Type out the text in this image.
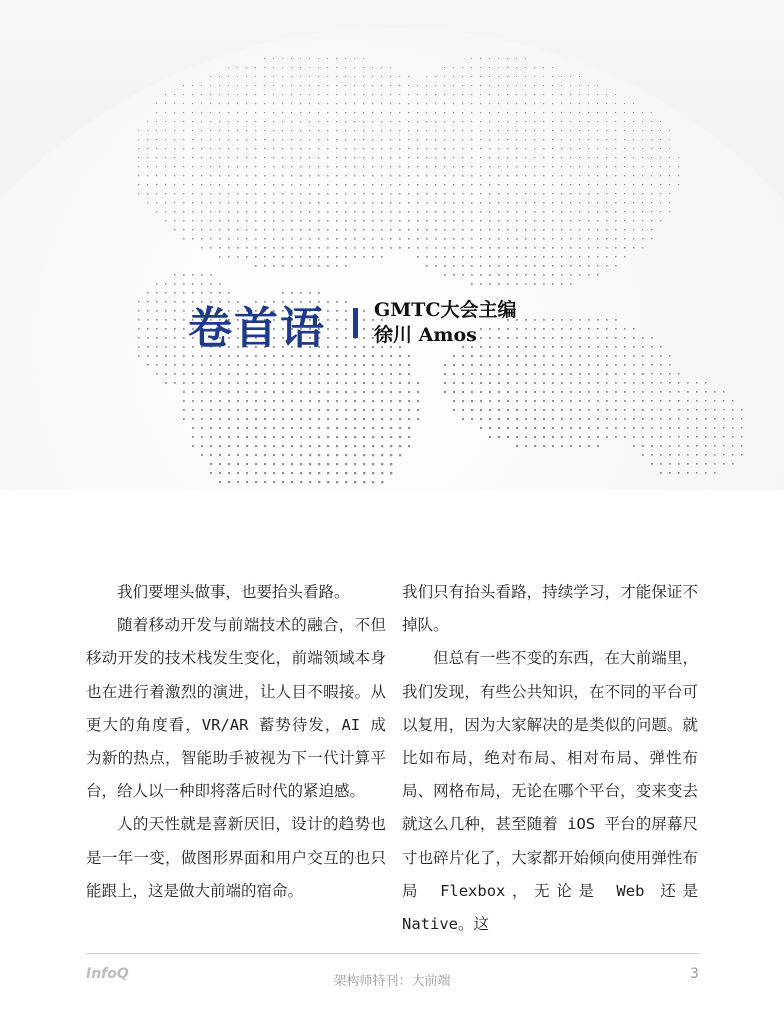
卷首语	GMTC大会主编
徐川 Amos

我们要埋头做事，也要抬头看路。

随着移动开发与前端技术的融合，不但移动开发的技术栈发生变化，前端领域本身也在进行着激烈的演进，让人目不暇接。从更大的角度看，VR/AR 蓄势待发，AI 成为新的热点，智能助手被视为下一代计算平台，给人以一种即将落后时代的紧迫感。

人的天性就是喜新厌旧，设计的趋势也是一年一变，做图形界面和用户交互的也只能跟上，这是做大前端的宿命。

我们只有抬头看路，持续学习，才能保证不掉队。

但总有一些不变的东西，在大前端里，我们发现，有些公共知识，在不同的平台可以复用，因为大家解决的是类似的问题。就比如布局，绝对布局、相对布局、弹性布局、网格布局，无论在哪个平台，变来变去就这么几种，甚至随着 iOS 平台的屏幕尺寸也碎片化了，大家都开始倾向使用弹性布局 Flexbox，无论是 Web 还是 Native。这

InfoQ	架构师特刊：大前端	3
